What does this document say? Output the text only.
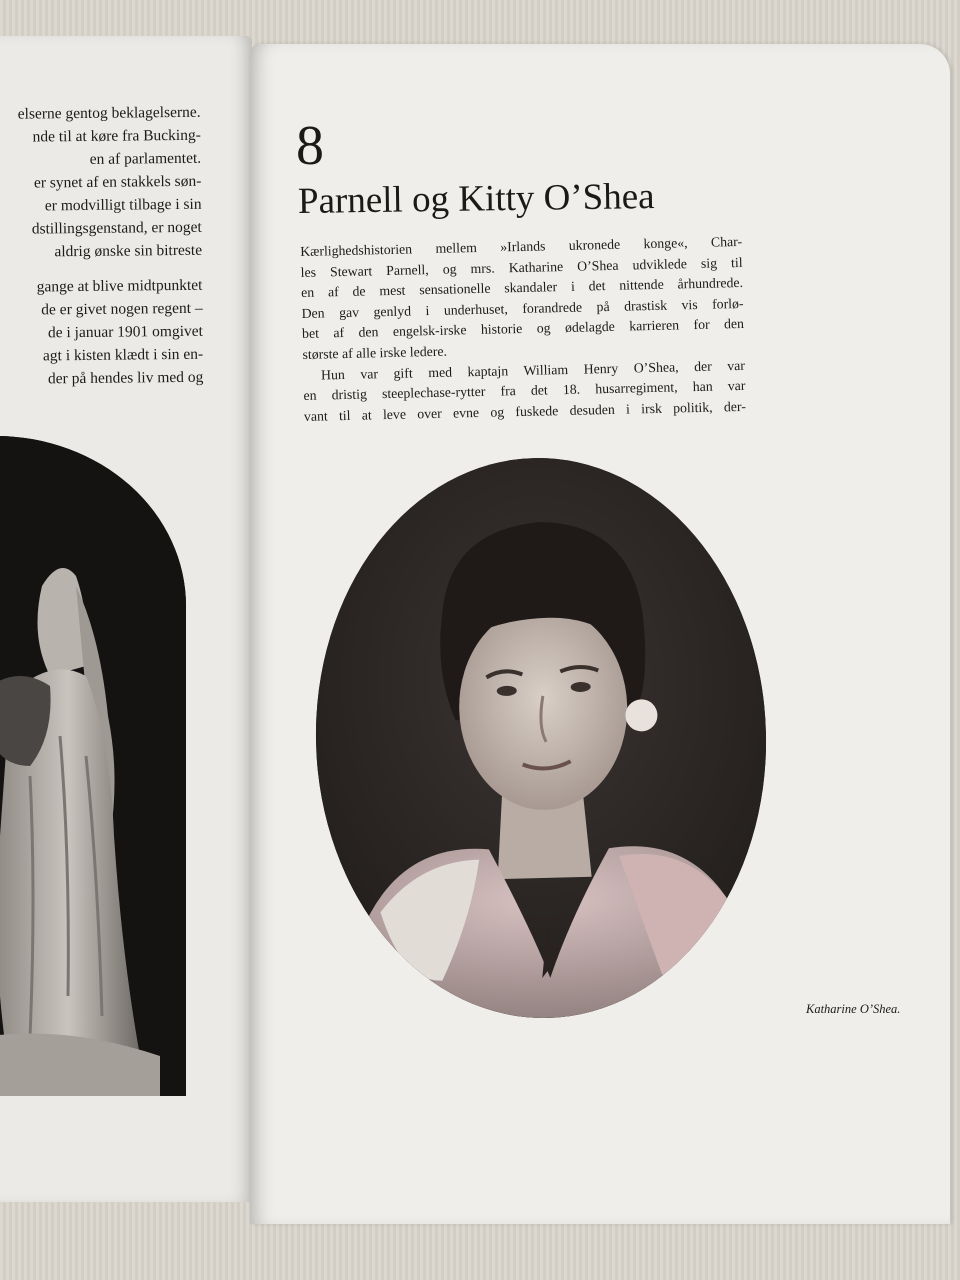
elserne gentog beklagelserne.
nde til at køre fra Bucking-
en af parlamentet.
er synet af en stakkels søn-
er modvilligt tilbage i sin
dstillingsgenstand, er noget
aldrig ønske sin bitreste
gange at blive midtpunktet
de er givet nogen regent –
de i januar 1901 omgivet
agt i kisten klædt i sin en-
der på hendes liv med og
8
Parnell og Kitty O’Shea
Kærlighedshistorien mellem »Irlands ukronede konge«, Char-
les Stewart Parnell, og mrs. Katharine O’Shea udviklede sig til
en af de mest sensationelle skandaler i det nittende århundrede.
Den gav genlyd i underhuset, forandrede på drastisk vis forlø-
bet af den engelsk-irske historie og ødelagde karrieren for den
største af alle irske ledere.
Hun var gift med kaptajn William Henry O’Shea, der var
en dristig steeplechase-rytter fra det 18. husarregiment, han var
vant til at leve over evne og fuskede desuden i irsk politik, der-
Katharine O’Shea.
